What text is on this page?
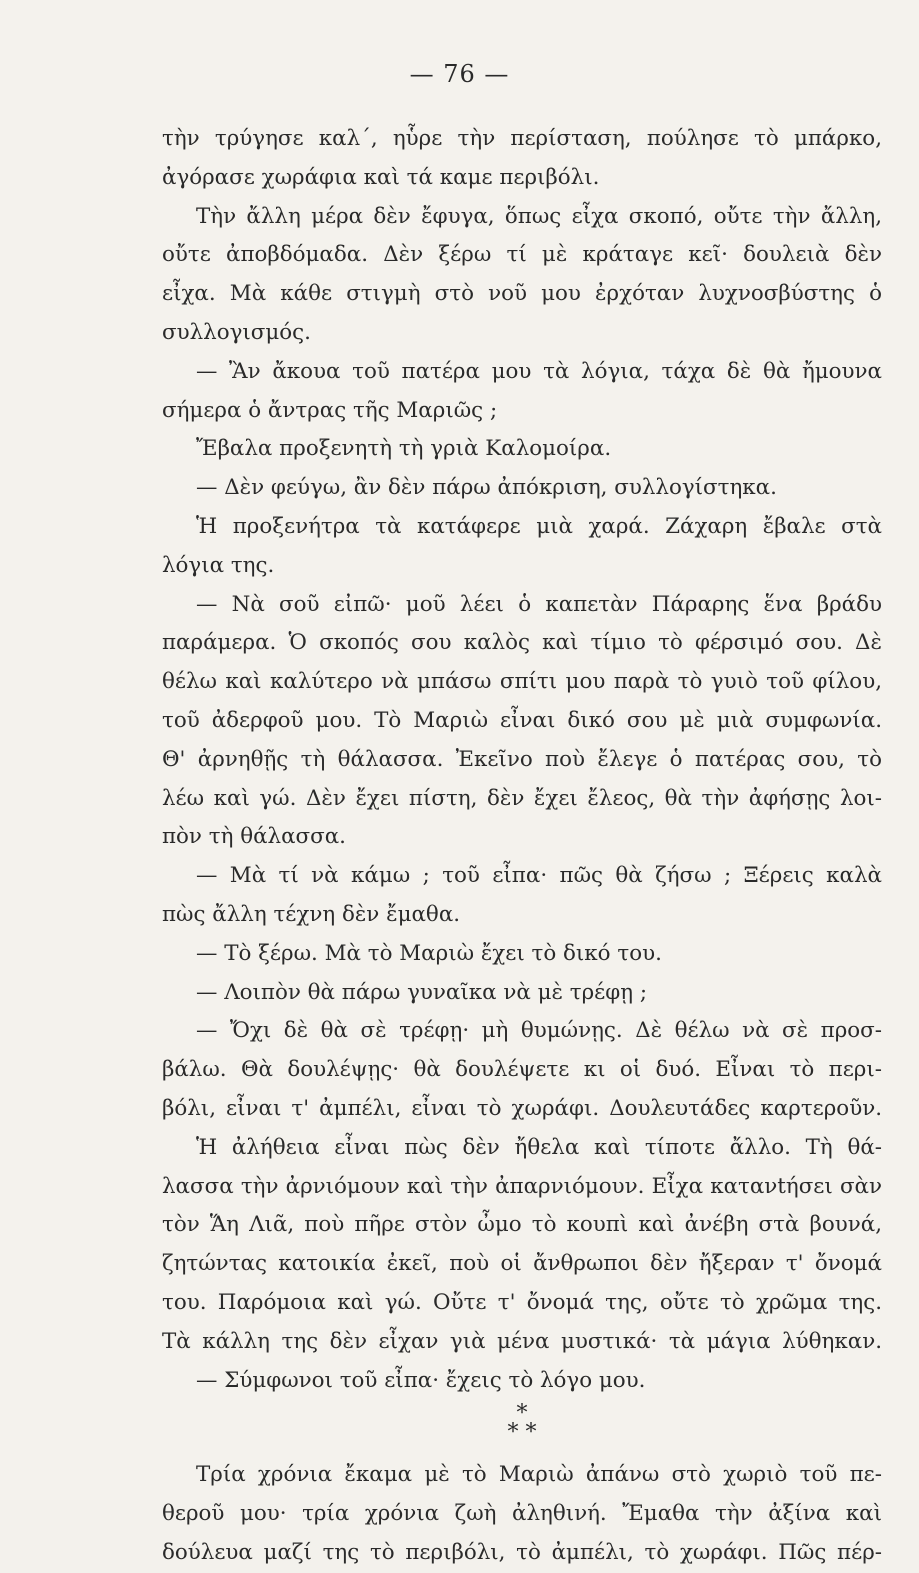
— 76 —
τὴν τρύγησε καλ΄, ηὗρε τὴν περίσταση, πούλησε τὸ μπάρκο,
ἀγόρασε χωράφια καὶ τά καμε περιβόλι.
Τὴν ἄλλη μέρα δὲν ἔφυγα, ὅπως εἶχα σκοπό, οὔτε τὴν ἄλλη,
οὔτε ἀποβδόμαδα. Δὲν ξέρω τί μὲ κράταγε κεῖ· δουλειὰ δὲν
εἶχα. Μὰ κάθε στιγμὴ στὸ νοῦ μου ἐρχόταν λυχνοσβύστης ὁ
συλλογισμός.
— Ἂν ἄκουα τοῦ πατέρα μου τὰ λόγια, τάχα δὲ θὰ ἤμουνα
σήμερα ὁ ἄντρας τῆς Μαριῶς ;
Ἔβαλα προξενητὴ τὴ γριὰ Καλομοίρα.
— Δὲν φεύγω, ἂν δὲν πάρω ἀπόκριση, συλλογίστηκα.
Ἡ προξενήτρα τὰ κατάφερε μιὰ χαρά. Ζάχαρη ἔβαλε στὰ
λόγια της.
— Νὰ σοῦ εἰπῶ· μοῦ λέει ὁ καπετὰν Πάραρης ἕνα βράδυ
παράμερα. Ὁ σκοπός σου καλὸς καὶ τίμιο τὸ φέρσιμό σου. Δὲ
θέλω καὶ καλύτερο νὰ μπάσω σπίτι μου παρὰ τὸ γυιὸ τοῦ φίλου,
τοῦ ἀδερφοῦ μου. Τὸ Μαριὼ εἶναι δικό σου μὲ μιὰ συμφωνία.
Θ' ἀρνηθῇς τὴ θάλασσα. Ἐκεῖνο ποὺ ἔλεγε ὁ πατέρας σου, τὸ
λέω καὶ γώ. Δὲν ἔχει πίστη, δὲν ἔχει ἔλεος, θὰ τὴν ἀφήσῃς λοι-
πὸν τὴ θάλασσα.
— Μὰ τί νὰ κάμω ; τοῦ εἶπα· πῶς θὰ ζήσω ; Ξέρεις καλὰ
πὼς ἄλλη τέχνη δὲν ἔμαθα.
— Τὸ ξέρω. Μὰ τὸ Μαριὼ ἔχει τὸ δικό του.
— Λοιπὸν θὰ πάρω γυναῖκα νὰ μὲ τρέφῃ ;
— Ὄχι δὲ θὰ σὲ τρέφῃ· μὴ θυμώνῃς. Δὲ θέλω νὰ σὲ προσ-
βάλω. Θὰ δουλέψῃς· θὰ δουλέψετε κι οἱ δυό. Εἶναι τὸ περι-
βόλι, εἶναι τ' ἀμπέλι, εἶναι τὸ χωράφι. Δουλευτάδες καρτεροῦν.
Ἡ ἀλήθεια εἶναι πὼς δὲν ἤθελα καὶ τίποτε ἄλλο. Τὴ θά-
λασσα τὴν ἀρνιόμουν καὶ τὴν ἀπαρνιόμουν. Εἶχα κατανtήσει σὰν
τὸν Ἅη Λιᾶ, ποὺ πῆρε στὸν ὦμο τὸ κουπὶ καὶ ἀνέβη στὰ βουνά,
ζητώντας κατοικία ἐκεῖ, ποὺ οἱ ἄνθρωποι δὲν ἤξεραν τ' ὄνομά
του. Παρόμοια καὶ γώ. Οὔτε τ' ὄνομά της, οὔτε τὸ χρῶμα της.
Τὰ κάλλη της δὲν εἶχαν γιὰ μένα μυστικά· τὰ μάγια λύθηκαν.
— Σύμφωνοι τοῦ εἶπα· ἔχεις τὸ λόγο μου.
*
* *
Τρία χρόνια ἔκαμα μὲ τὸ Μαριὼ ἀπάνω στὸ χωριὸ τοῦ πε-
θεροῦ μου· τρία χρόνια ζωὴ ἀληθινή. Ἔμαθα τὴν ἀξίνα καὶ
δούλευα μαζί της τὸ περιβόλι, τὸ ἀμπέλι, τὸ χωράφι. Πῶς πέρ-
